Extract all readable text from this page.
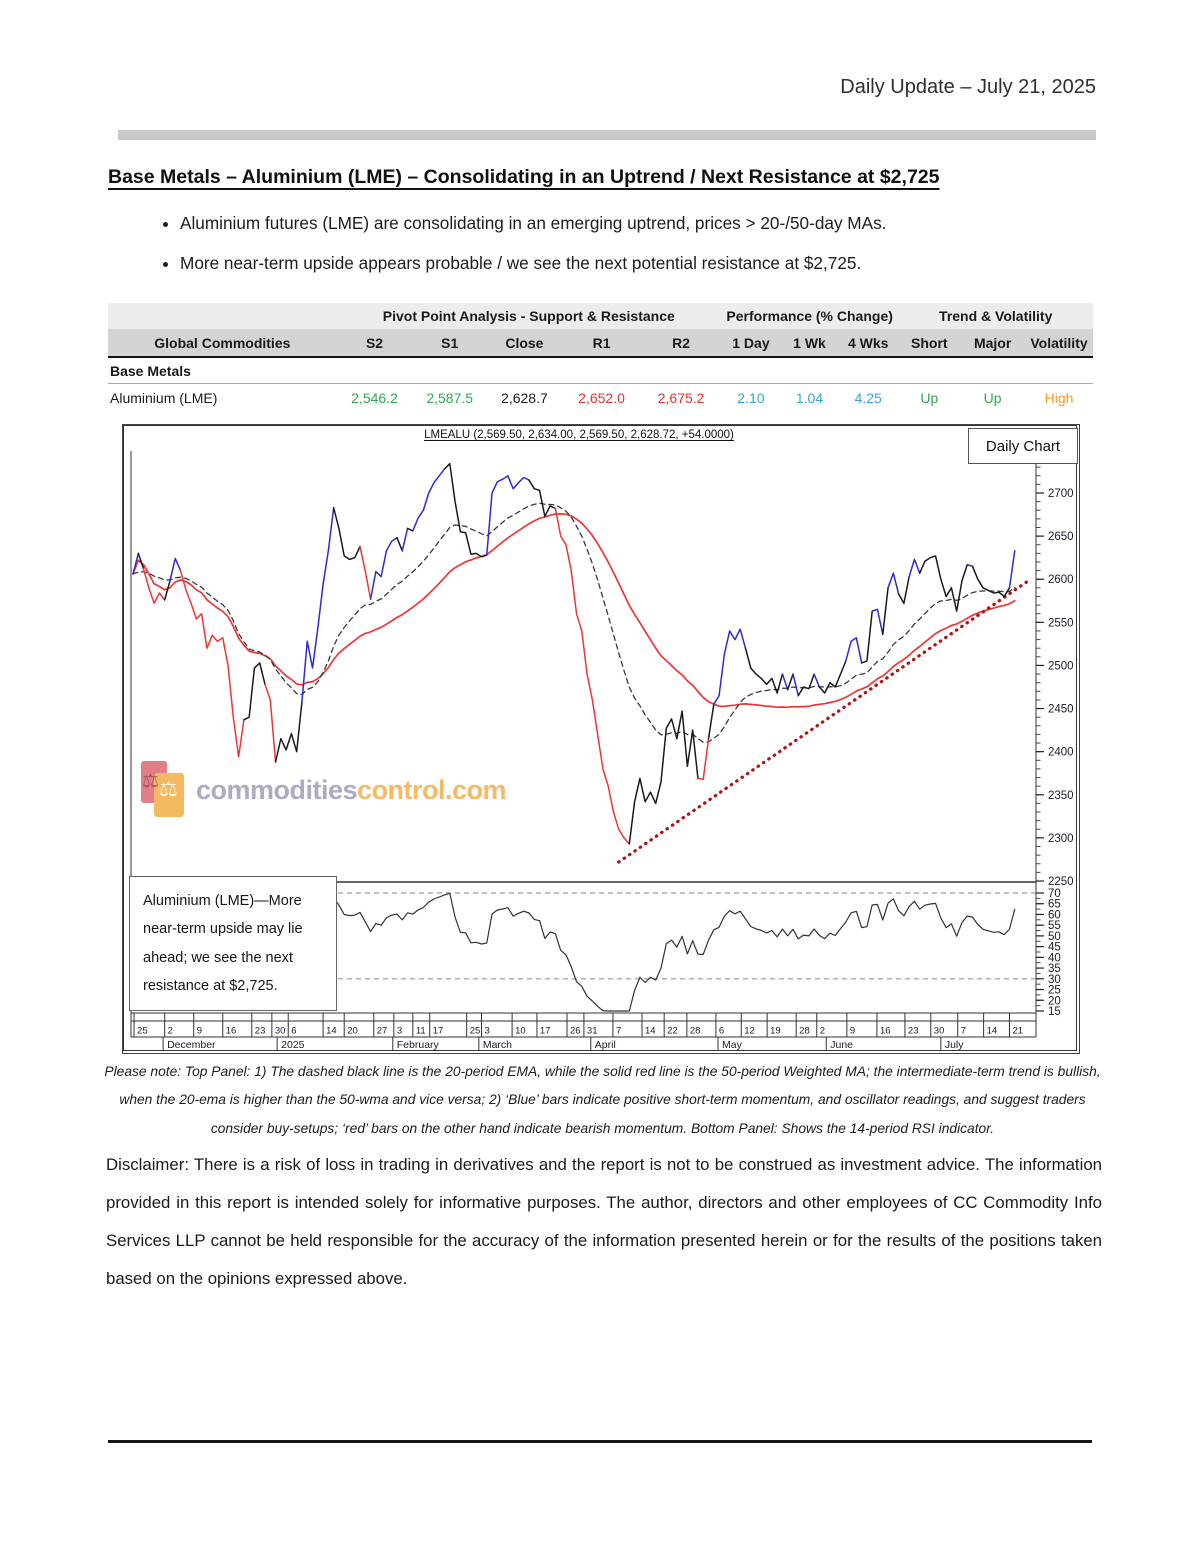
Daily Update – July 21, 2025
Base Metals – Aluminium (LME) – Consolidating in an Uptrend / Next Resistance at $2,725
• Aluminium futures (LME) are consolidating in an emerging uptrend, prices > 20-/50-day MAs.
• More near-term upside appears probable / we see the next potential resistance at $2,725.
	Pivot Point Analysis - Support & Resistance					Performance (% Change)			Trend & Volatility		
Global Commodities	S2	S1	Close	R1	R2	1 Day	1 Wk	4 Wks	Short	Major	Volatility
Base Metals											
Aluminium (LME)	2,546.2	2,587.5	2,628.7	2,652.0	2,675.2	2.10	1.04	4.25	Up	Up	High
⚖ ⚖ commoditiescontrol.com
2250
2300
2350
2400
2450
2500
2550
2600
2650
2700
15
20
25
30
35
40
45
50
55
60
65
70
25 2 9 16 23 30 6	14 20 27 3 11 17	25 3	10 17 26 31 7 14 22 28 6 12 19 28 2	9	16 23 30 7 14 21
December	2025	February	March	April	May	June	July
LMEALU (2,569.50, 2,634.00, 2,569.50, 2,628.72, +54.0000)
Daily Chart
Aluminium (LME)—More near-term upside may lie ahead; we see the next resistance at $2,725.

Please note: Top Panel: 1) The dashed black line is the 20-period EMA, while the solid red line is the 50-period Weighted MA; the intermediate-term trend is bullish, when the 20-ema is higher than the 50-wma and vice versa; 2) ‘Blue’ bars indicate positive short-term momentum, and oscillator readings, and suggest traders consider buy-setups; ‘red’ bars on the other hand indicate bearish momentum. Bottom Panel: Shows the 14-period RSI indicator.

Disclaimer: There is a risk of loss in trading in derivatives and the report is not to be construed as investment advice. The information provided in this report is intended solely for informative purposes. The author, directors and other employees of CC Commodity Info Services LLP cannot be held responsible for the accuracy of the information presented herein or for the results of the positions taken based on the opinions expressed above.
